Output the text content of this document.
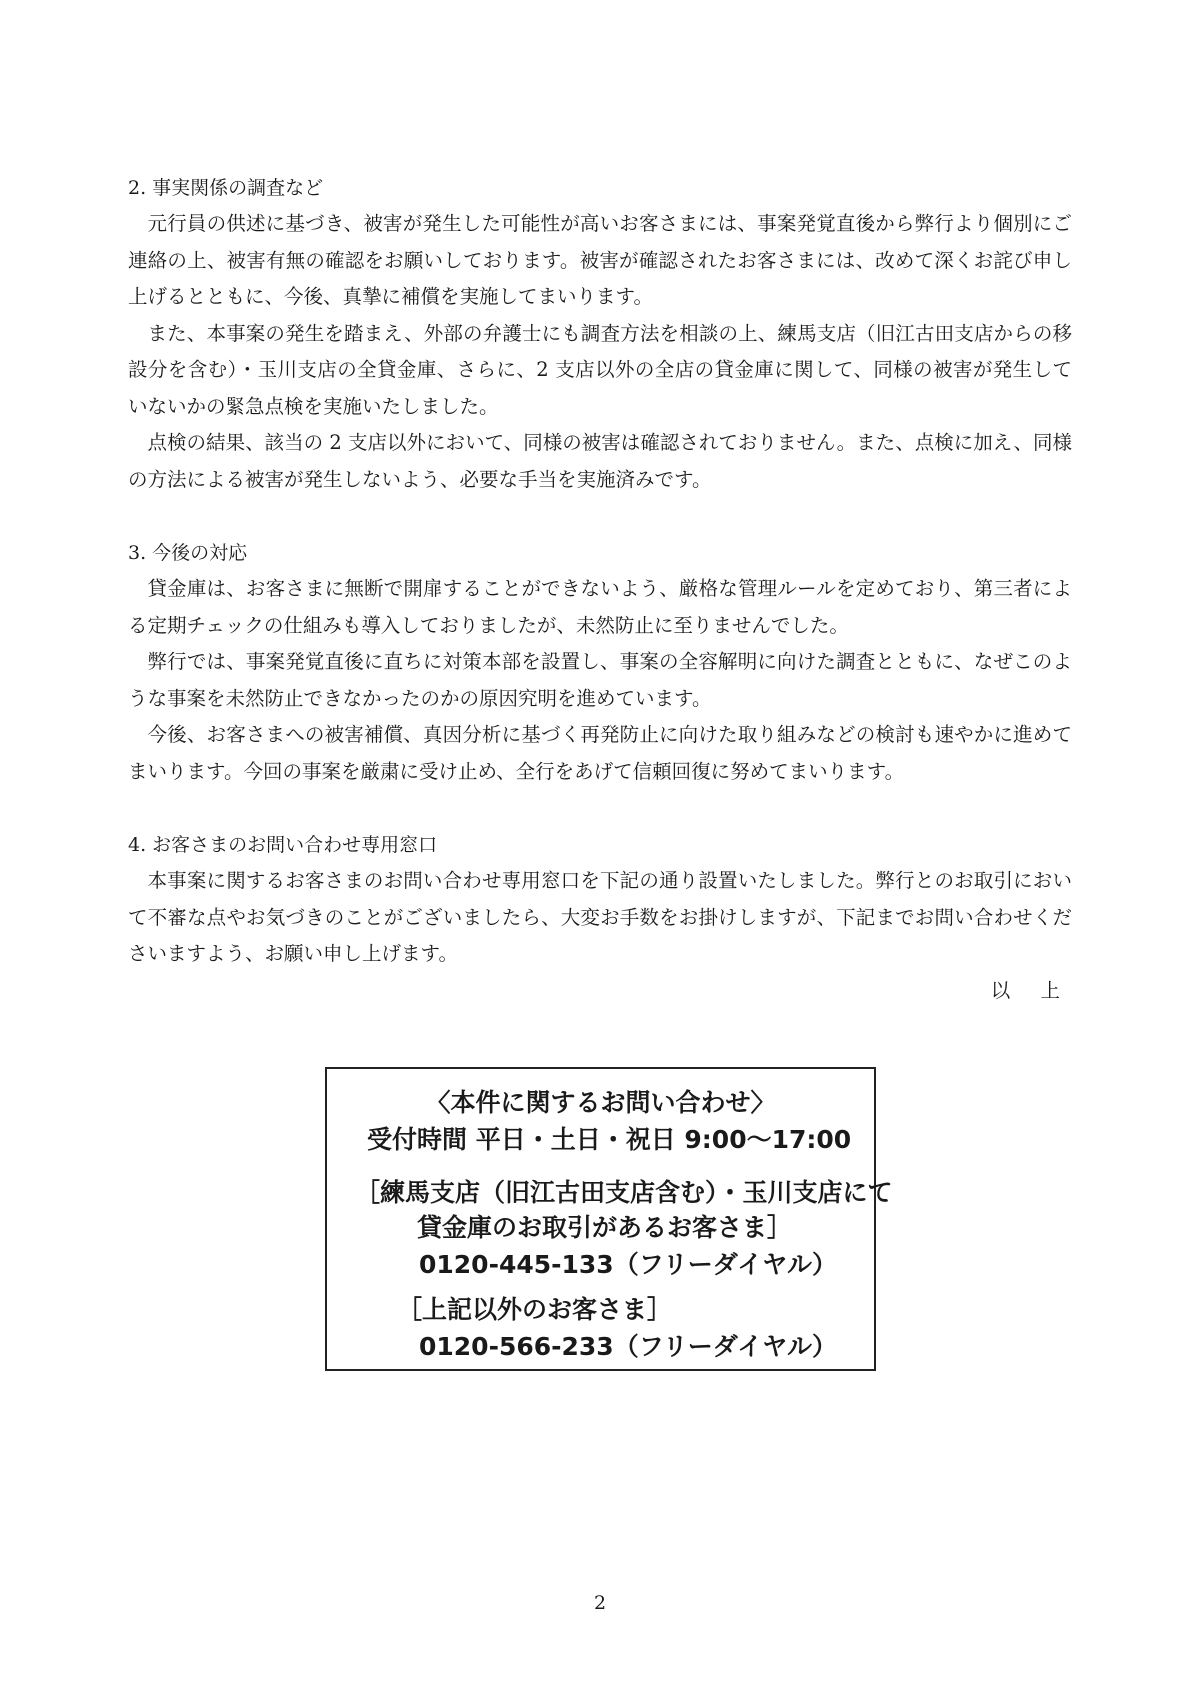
2. 事実関係の調査など

元行員の供述に基づき、被害が発生した可能性が高いお客さまには、事案発覚直後から弊行より個別にご連絡の上、被害有無の確認をお願いしております。被害が確認されたお客さまには、改めて深くお詫び申し上げるとともに、今後、真摯に補償を実施してまいります。

また、本事案の発生を踏まえ、外部の弁護士にも調査方法を相談の上、練馬支店（旧江古田支店からの移設分を含む）・玉川支店の全貸金庫、さらに、2 支店以外の全店の貸金庫に関して、同様の被害が発生していないかの緊急点検を実施いたしました。

点検の結果、該当の 2 支店以外において、同様の被害は確認されておりません。また、点検に加え、同様の方法による被害が発生しないよう、必要な手当を実施済みです。

3. 今後の対応

貸金庫は、お客さまに無断で開扉することができないよう、厳格な管理ルールを定めており、第三者による定期チェックの仕組みも導入しておりましたが、未然防止に至りませんでした。

弊行では、事案発覚直後に直ちに対策本部を設置し、事案の全容解明に向けた調査とともに、なぜこのような事案を未然防止できなかったのかの原因究明を進めています。

今後、お客さまへの被害補償、真因分析に基づく再発防止に向けた取り組みなどの検討も速やかに進めてまいります。今回の事案を厳粛に受け止め、全行をあげて信頼回復に努めてまいります。

4. お客さまのお問い合わせ専用窓口

本事案に関するお客さまのお問い合わせ専用窓口を下記の通り設置いたしました。弊行とのお取引において不審な点やお気づきのことがございましたら、大変お手数をお掛けしますが、下記までお問い合わせくださいますよう、お願い申し上げます。

以 上

〈本件に関するお問い合わせ〉
受付時間 平日・土日・祝日 9:00～17:00
［練馬支店（旧江古田支店含む）・玉川支店にて
貸金庫のお取引があるお客さま］
0120-445-133（フリーダイヤル）
［上記以外のお客さま］
0120-566-233（フリーダイヤル）
2
